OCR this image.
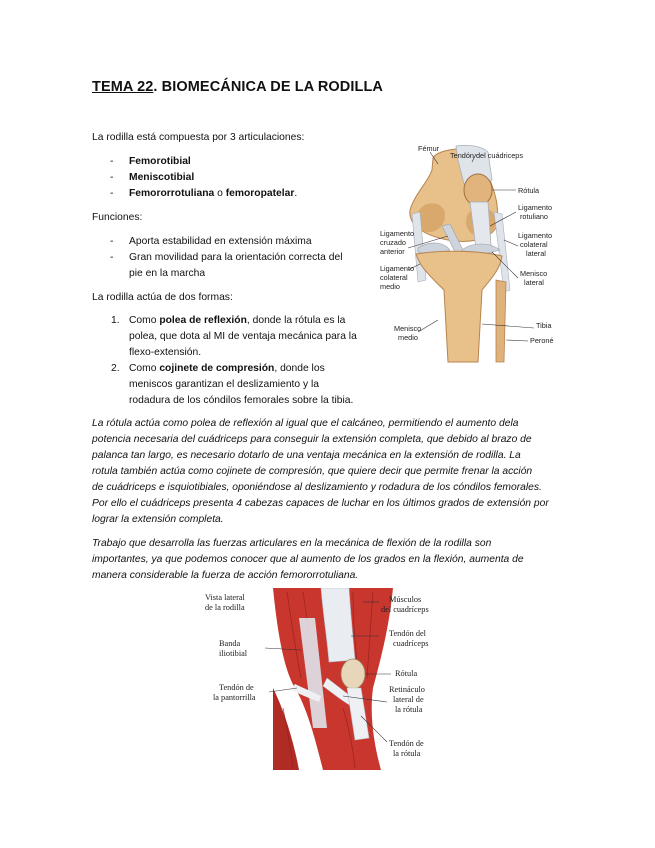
TEMA 22. BIOMECÁNICA DE LA RODILLA
La rodilla está compuesta por 3 articulaciones:
- Femorotibial
- Meniscotibial
- Femororrotuliana o femoropatelar.
Funciones:
- Aporta estabilidad en extensión máxima
- Gran movilidad para la orientación correcta del
pie en la marcha
La rodilla actúa de dos formas:
1. Como polea de reflexión, donde la rótula es la
polea, que dota al MI de ventaja mecánica para la
flexo-extensión.
2. Como cojinete de compresión, donde los
meniscos garantizan el deslizamiento y la
rodadura de los cóndilos femorales sobre la tibia.
La rótula actúa como polea de reflexión al igual que el calcáneo, permitiendo el aumento dela
potencia necesaria del cuádriceps para conseguir la extensión completa, que debido al brazo de
palanca tan largo, es necesario dotarlo de una ventaja mecánica en la extensión de rodilla. La
rotula también actúa como cojinete de compresión, que quiere decir que permite frenar la acción
de cuádriceps e isquiotibiales, oponiéndose al deslizamiento y rodadura de los cóndilos femorales.
Por ello el cuádriceps presenta 4 cabezas capaces de luchar en los últimos grados de extensión por
lograr la extensión completa.
Trabajo que desarrolla las fuerzas articulares en la mecánica de flexión de la rodilla son
importantes, ya que podemos conocer que al aumento de los grados en la flexión, aumenta de
manera considerable la fuerza de acción femororrotuliana.
Fémur
Tendón del cuádriceps
Rótula
Ligamento
rotuliano
Ligamento
colateral
lateral
Ligamento
cruzado
anterior
Ligamento
colateral
medio
Menisco
lateral
Menisco
medio
Tibia
Peroné
Vista lateral
de la rodilla
Músculos
del cuadríceps
Tendón del
cuadríceps
Banda
iliotibial
Rótula
Tendón de
la pantorrilla
Retináculo
lateral de
la rótula
Tendón de
la rótula
